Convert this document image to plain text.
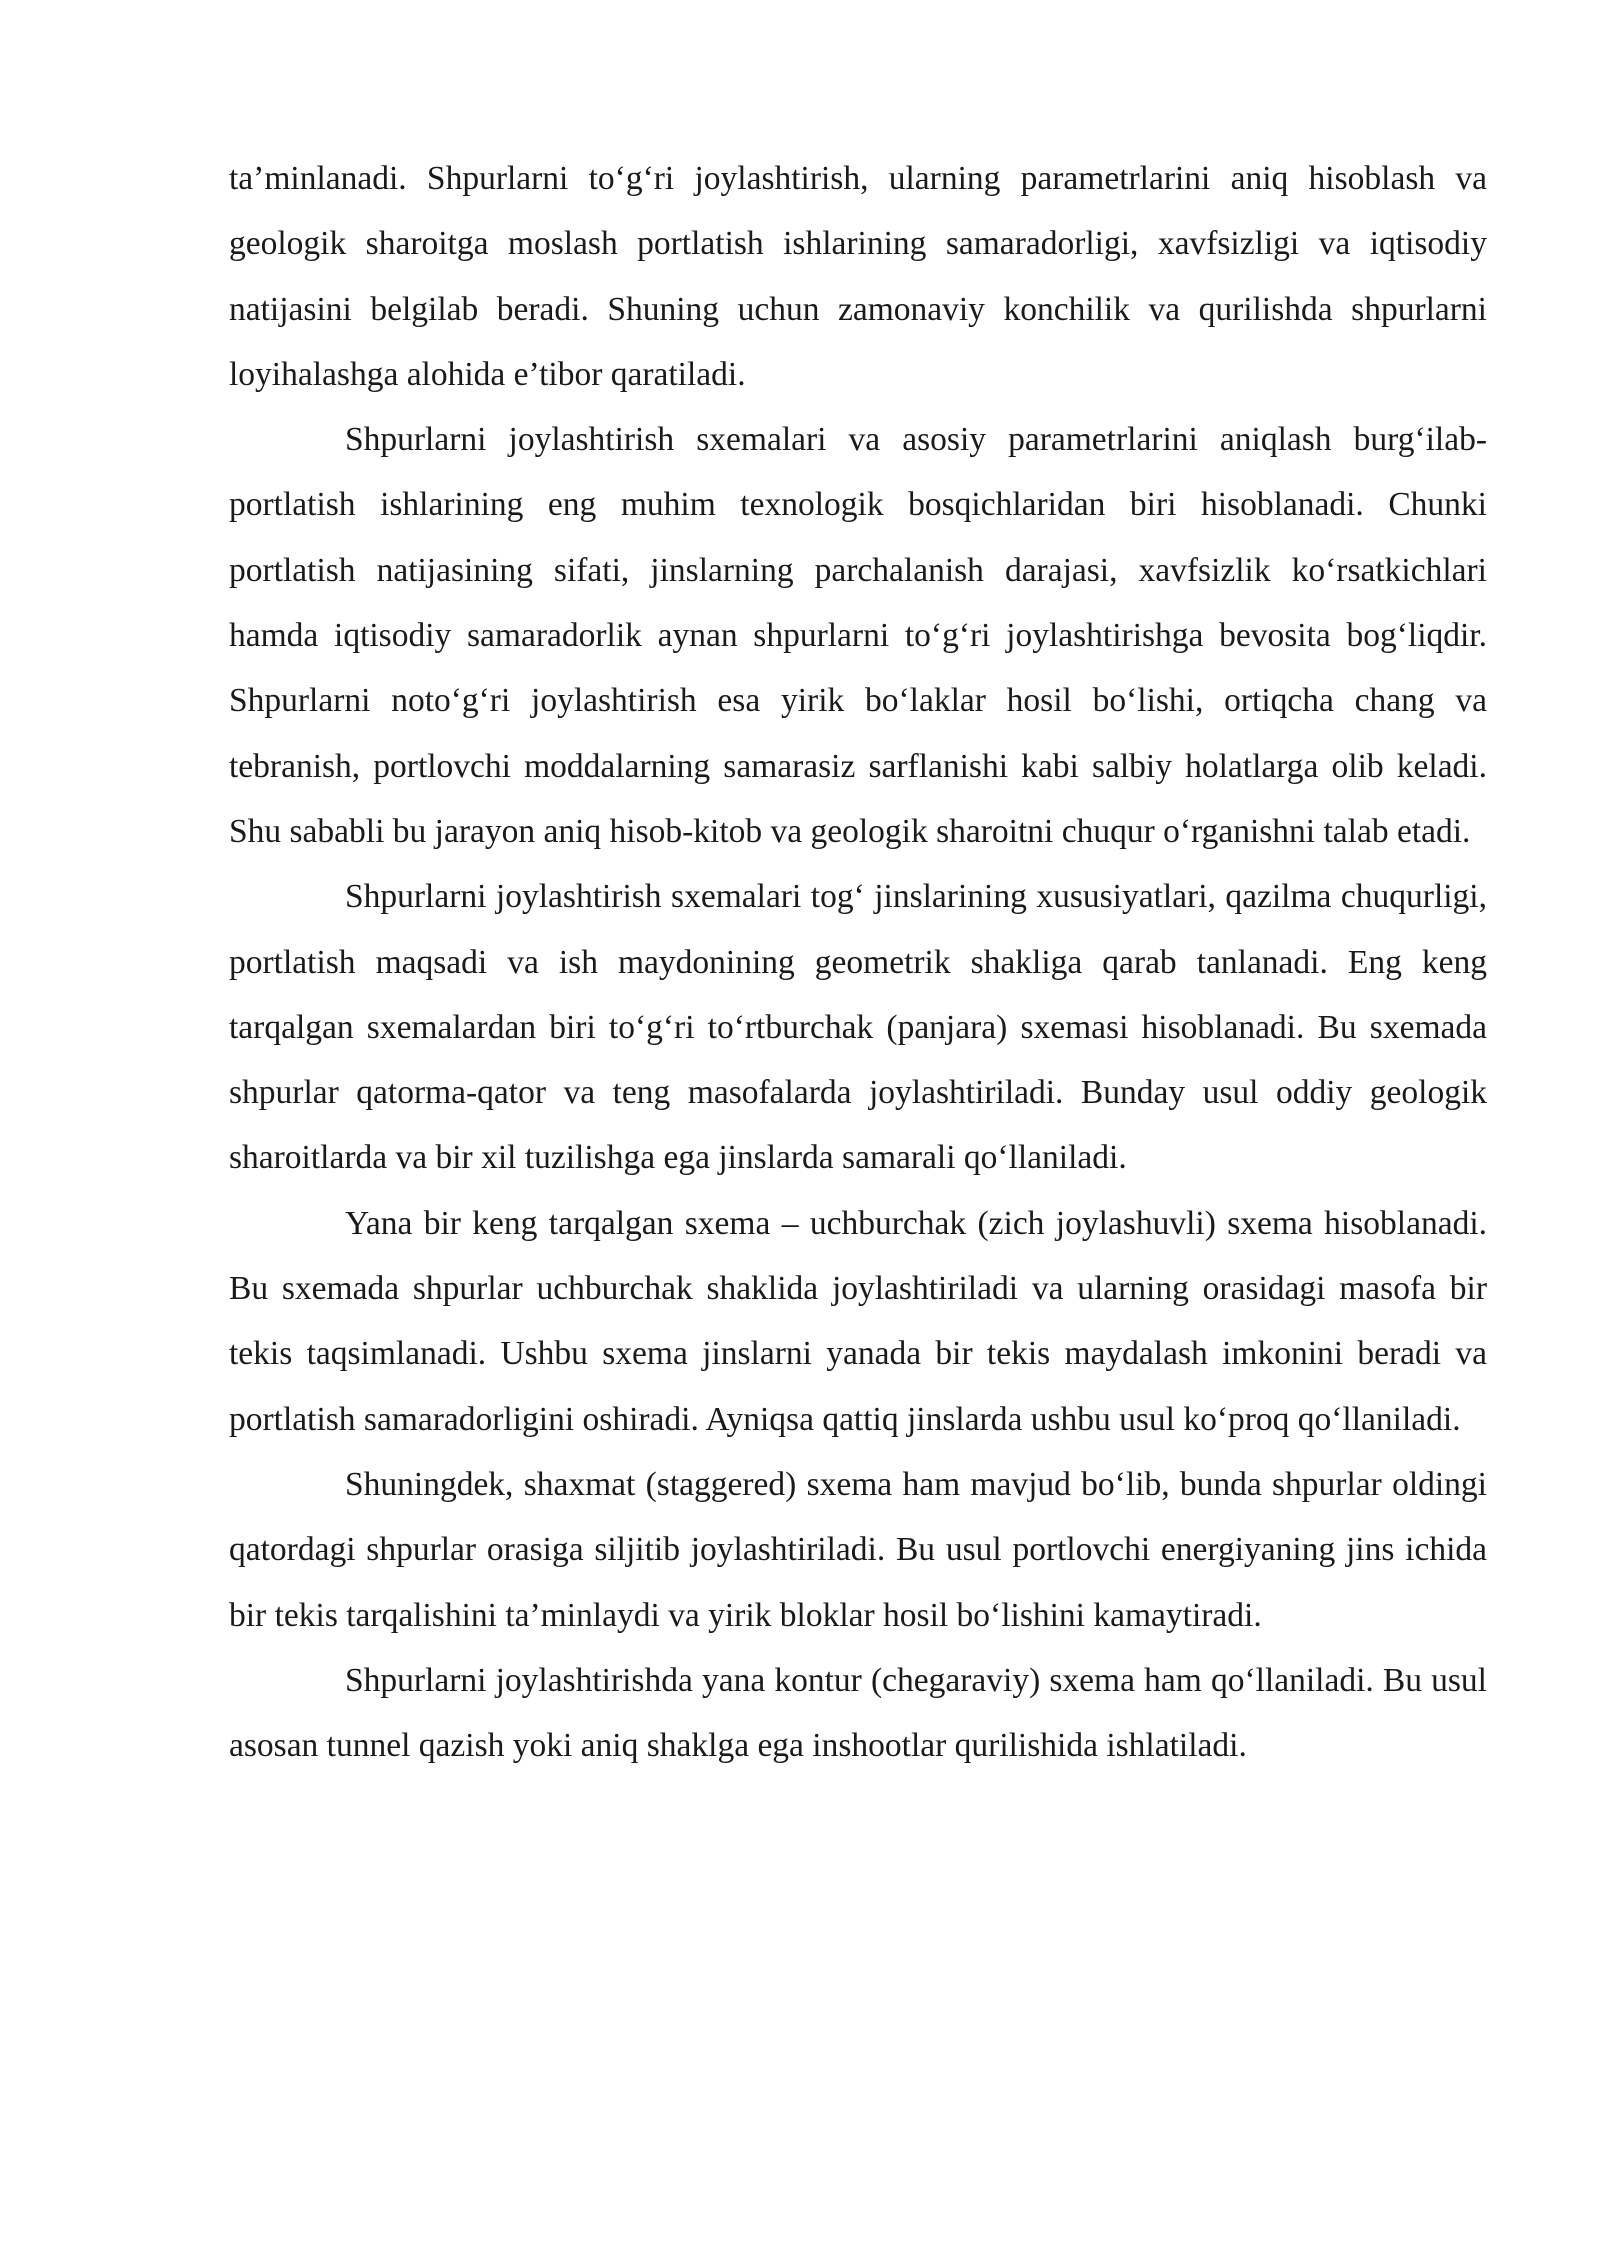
ta’minlanadi. Shpurlarni to‘g‘ri joylashtirish, ularning parametrlarini aniq hisoblash va geologik sharoitga moslash portlatish ishlarining samaradorligi, xavfsizligi va iqtisodiy natijasini belgilab beradi. Shuning uchun zamonaviy konchilik va qurilishda shpurlarni loyihalashga alohida e’tibor qaratiladi.

Shpurlarni joylashtirish sxemalari va asosiy parametrlarini aniqlash burg‘ilab-portlatish ishlarining eng muhim texnologik bosqichlaridan biri hisoblanadi. Chunki portlatish natijasining sifati, jinslarning parchalanish darajasi, xavfsizlik ko‘rsatkichlari hamda iqtisodiy samaradorlik aynan shpurlarni to‘g‘ri joylashtirishga bevosita bog‘liqdir. Shpurlarni noto‘g‘ri joylashtirish esa yirik bo‘laklar hosil bo‘lishi, ortiqcha chang va tebranish, portlovchi moddalarning samarasiz sarflanishi kabi salbiy holatlarga olib keladi. Shu sababli bu jarayon aniq hisob-kitob va geologik sharoitni chuqur o‘rganishni talab etadi.

Shpurlarni joylashtirish sxemalari tog‘ jinslarining xususiyatlari, qazilma chuqurligi, portlatish maqsadi va ish maydonining geometrik shakliga qarab tanlanadi. Eng keng tarqalgan sxemalardan biri to‘g‘ri to‘rtburchak (panjara) sxemasi hisoblanadi. Bu sxemada shpurlar qatorma-qator va teng masofalarda joylashtiriladi. Bunday usul oddiy geologik sharoitlarda va bir xil tuzilishga ega jinslarda samarali qo‘llaniladi.

Yana bir keng tarqalgan sxema – uchburchak (zich joylashuvli) sxema hisoblanadi. Bu sxemada shpurlar uchburchak shaklida joylashtiriladi va ularning orasidagi masofa bir tekis taqsimlanadi. Ushbu sxema jinslarni yanada bir tekis maydalash imkonini beradi va portlatish samaradorligini oshiradi. Ayniqsa qattiq jinslarda ushbu usul ko‘proq qo‘llaniladi.

Shuningdek, shaxmat (staggered) sxema ham mavjud bo‘lib, bunda shpurlar oldingi qatordagi shpurlar orasiga siljitib joylashtiriladi. Bu usul portlovchi energiyaning jins ichida bir tekis tarqalishini ta’minlaydi va yirik bloklar hosil bo‘lishini kamaytiradi.

Shpurlarni joylashtirishda yana kontur (chegaraviy) sxema ham qo‘llaniladi. Bu usul asosan tunnel qazish yoki aniq shaklga ega inshootlar qurilishida ishlatiladi.
